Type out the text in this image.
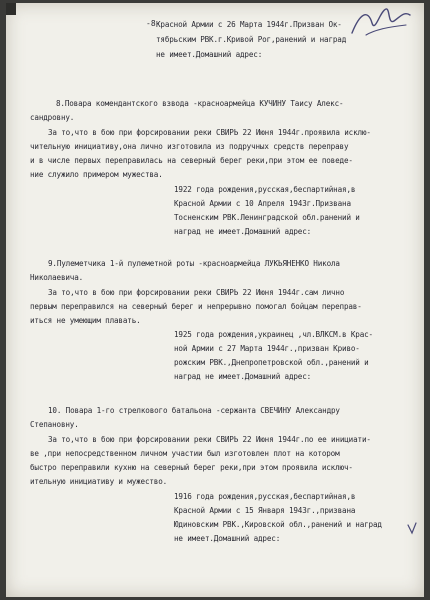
-8-
Красной Армии с 26 Марта 1944г.Призван Ок-
тябрьским РВК.г.Кривой Рог,ранений и наград
не имеет.Домашний адрес:
8.Повара комендантского взвода -красноармейца КУЧИНУ Таису Алекс-
сандровну.
За то,что в бою при форсировании реки СВИРЬ 22 Июня 1944г.проявила исклю-
чительную инициативу,она лично изготовила из подручных средств переправу
и в числе первых переправилась на северный берег реки,при этом ее поведе-
ние служило примером мужества.
1922 года рождения,русская,беспартийная,в
Красной Армии с 10 Апреля 1943г.Призвана
Тосненским РВК.Ленинградской обл.ранений и
наград не имеет.Домашний адрес:
9.Пулеметчика 1-й пулеметной роты -красноармейца ЛУКЬЯНЕНКО Никола
Николаевича.
За то,что в бою при форсировании реки СВИРЬ 22 Июня 1944г.сам лично
первым переправился на северный берег и непрерывно помогал бойцам переправ-
иться не умеющим плавать.
1925 года рождения,украинец ,чл.ВЛКСМ.в Крас-
ной Армии с 27 Марта 1944г.,призван Криво-
рожским РВК.,Днепропетровской обл.,ранений и
наград не имеет.Домашний адрес:
10. Повара 1-го стрелкового батальона -сержанта СВЕЧИНУ Александру
Степановну.
За то,что в бою при форсировании реки СВИРЬ 22 Июня 1944г.по ее инициати-
ве ,при непосредственном личном участии был изготовлен плот на котором
быстро переправили кухню на северный берег реки,при этом проявила исключ-
ительную инициативу и мужество.
1916 года рождения,русская,беспартийная,в
Красной Армии с 15 Января 1943г.,призвана
Юдиновским РВК.,Кировской обл.,ранений и наград
не имеет.Домашний адрес:
